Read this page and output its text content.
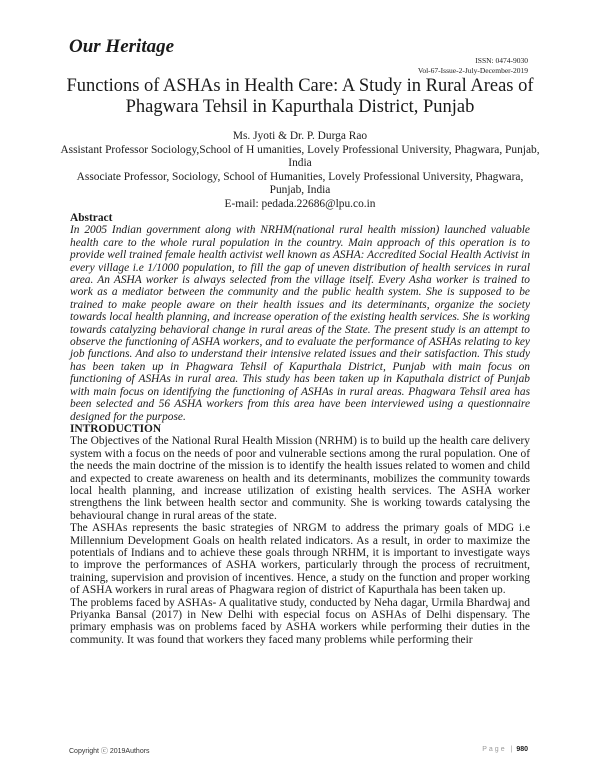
Our Heritage
ISSN: 0474-9030
Vol-67-Issue-2-July-December-2019
Functions of ASHAs in Health Care: A Study in Rural Areas of Phagwara Tehsil in Kapurthala District, Punjab
Ms. Jyoti & Dr. P. Durga Rao
Assistant Professor Sociology,School of H umanities, Lovely Professional University, Phagwara, Punjab, India
Associate Professor, Sociology, School of Humanities, Lovely Professional University, Phagwara, Punjab, India
E-mail: pedada.22686@lpu.co.in
Abstract

In 2005 Indian government along with NRHM(national rural health mission) launched valuable health care to the whole rural population in the country. Main approach of this operation is to provide well trained female health activist well known as ASHA: Accredited Social Health Activist in every village i.e 1/1000 population, to fill the gap of uneven distribution of health services in rural area. An ASHA worker is always selected from the village itself. Every Asha worker is trained to work as a mediator between the community and the public health system. She is supposed to be trained to make people aware on their health issues and its determinants, organize the society towards local health planning, and increase operation of the existing health services. She is working towards catalyzing behavioral change in rural areas of the State. The present study is an attempt to observe the functioning of ASHA workers, and to evaluate the performance of ASHAs relating to key job functions. And also to understand their intensive related issues and their satisfaction. This study has been taken up in Phagwara Tehsil of Kapurthala District, Punjab with main focus on functioning of ASHAs in rural area. This study has been taken up in Kaputhala district of Punjab with main focus on identifying the functioning of ASHAs in rural areas. Phagwara Tehsil area has been selected and 56 ASHA workers from this area have been interviewed using a questionnaire designed for the purpose.

INTRODUCTION

The Objectives of the National Rural Health Mission (NRHM) is to build up the health care delivery system with a focus on the needs of poor and vulnerable sections among the rural population. One of the needs the main doctrine of the mission is to identify the health issues related to women and child and expected to create awareness on health and its determinants, mobilizes the community towards local health planning, and increase utilization of existing health services. The ASHA worker strengthens the link between health sector and community. She is working towards catalysing the behavioural change in rural areas of the state.

The ASHAs represents the basic strategies of NRGM to address the primary goals of MDG i.e Millennium Development Goals on health related indicators. As a result, in order to maximize the potentials of Indians and to achieve these goals through NRHM, it is important to investigate ways to improve the performances of ASHA workers, particularly through the process of recruitment, training, supervision and provision of incentives. Hence, a study on the function and proper working of ASHA workers in rural areas of Phagwara region of district of Kapurthala has been taken up.

The problems faced by ASHAs- A qualitative study, conducted by Neha dagar, Urmila Bhardwaj and Priyanka Bansal (2017) in New Delhi with especial focus on ASHAs of Delhi dispensary. The primary emphasis was on problems faced by ASHA workers while performing their duties in the community. It was found that workers they faced many problems while performing their

Copyright ⓒ 2019Authors	Page | 980
